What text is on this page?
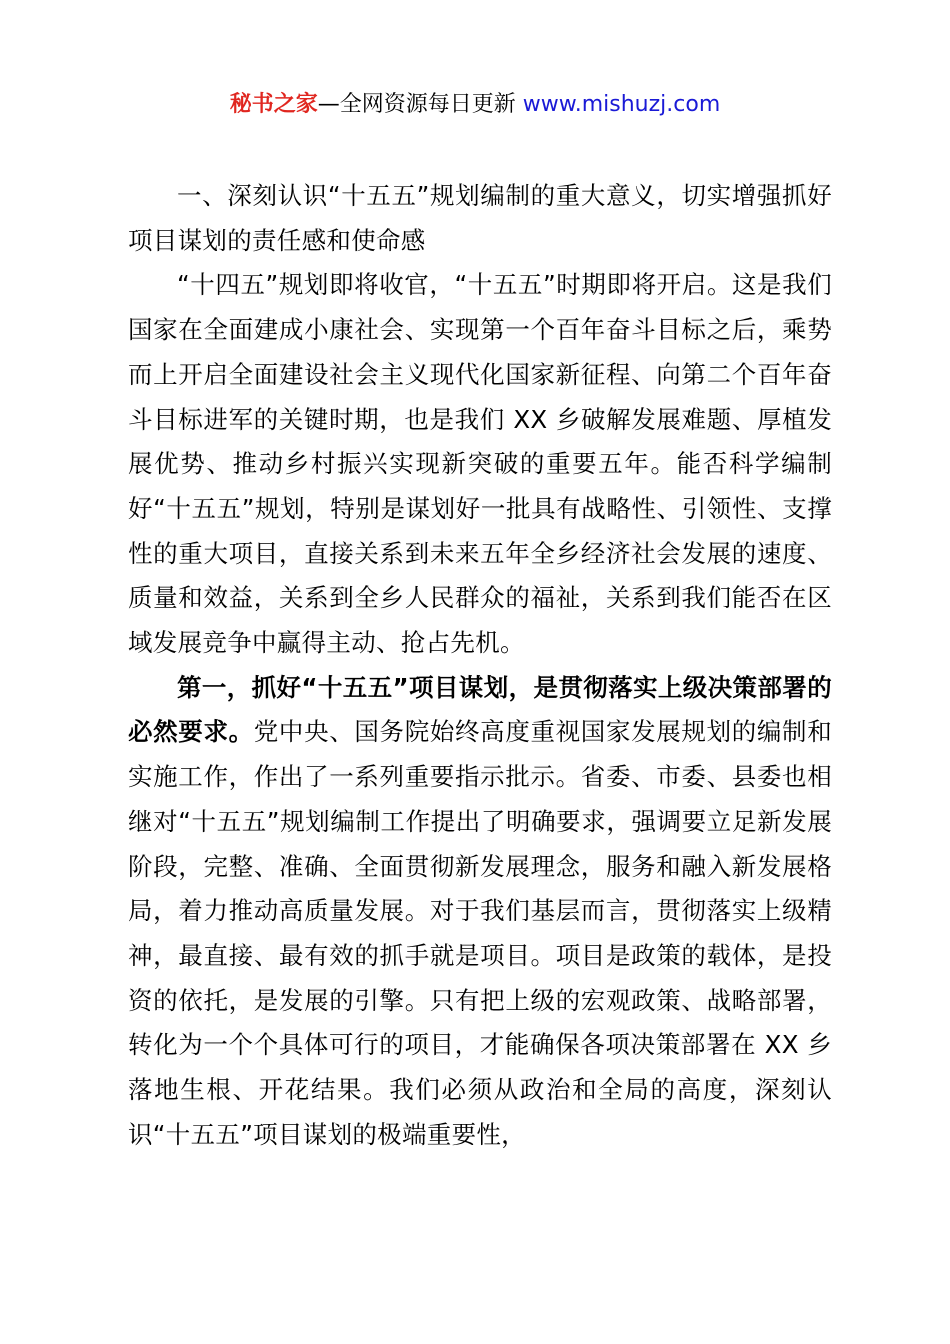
秘书之家—全网资源每日更新 www.mishuzj.com

一、深刻认识“十五五”规划编制的重大意义，切实增强抓好项目谋划的责任感和使命感

“十四五”规划即将收官，“十五五”时期即将开启。这是我们国家在全面建成小康社会、实现第一个百年奋斗目标之后，乘势而上开启全面建设社会主义现代化国家新征程、向第二个百年奋斗目标进军的关键时期，也是我们 XX 乡破解发展难题、厚植发展优势、推动乡村振兴实现新突破的重要五年。能否科学编制好“十五五”规划，特别是谋划好一批具有战略性、引领性、支撑性的重大项目，直接关系到未来五年全乡经济社会发展的速度、质量和效益，关系到全乡人民群众的福祉，关系到我们能否在区域发展竞争中赢得主动、抢占先机。

第一，抓好“十五五”项目谋划，是贯彻落实上级决策部署的必然要求。党中央、国务院始终高度重视国家发展规划的编制和实施工作，作出了一系列重要指示批示。省委、市委、县委也相继对“十五五”规划编制工作提出了明确要求，强调要立足新发展阶段，完整、准确、全面贯彻新发展理念，服务和融入新发展格局，着力推动高质量发展。对于我们基层而言，贯彻落实上级精神，最直接、最有效的抓手就是项目。项目是政策的载体，是投资的依托，是发展的引擎。只有把上级的宏观政策、战略部署，转化为一个个具体可行的项目，才能确保各项决策部署在 XX 乡落地生根、开花结果。我们必须从政治和全局的高度，深刻认识“十五五”项目谋划的极端重要性，
